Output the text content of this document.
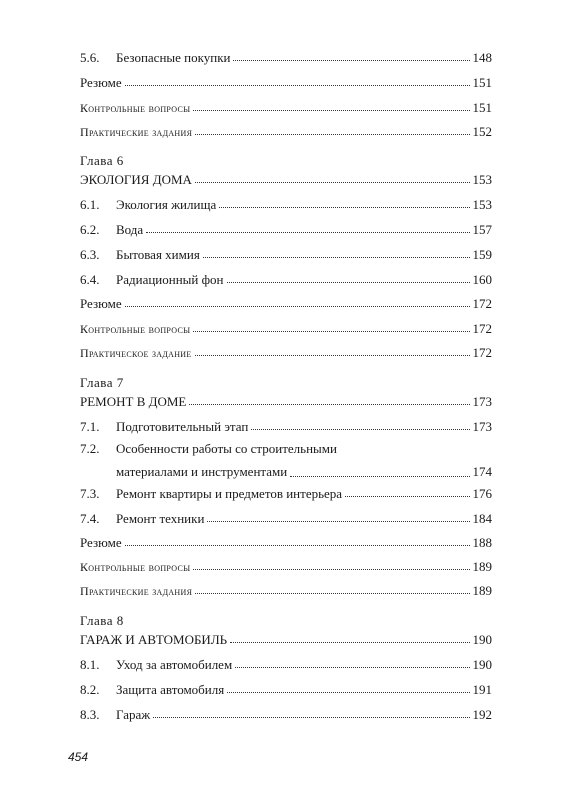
5.6.	Безопасные покупки	148
Резюме	151
Контрольные вопросы	151
Практические задания	152
Глава 6
ЭКОЛОГИЯ ДОМА	153
6.1.	Экология жилища	153
6.2.	Вода	157
6.3.	Бытовая химия	159
6.4.	Радиационный фон	160
Резюме	172
Контрольные вопросы	172
Практическое задание	172
Глава 7
РЕМОНТ В ДОМЕ	173
7.1.	Подготовительный этап	173
7.2. Особенности работы со строительными
материалами и инструментами	174
7.3.	Ремонт квартиры и предметов интерьера	176
7.4.	Ремонт техники	184
Резюме	188
Контрольные вопросы	189
Практические задания	189
Глава 8
ГАРАЖ И АВТОМОБИЛЬ	190
8.1.	Уход за автомобилем	190
8.2.	Защита автомобиля	191
8.3.	Гараж	192
454
